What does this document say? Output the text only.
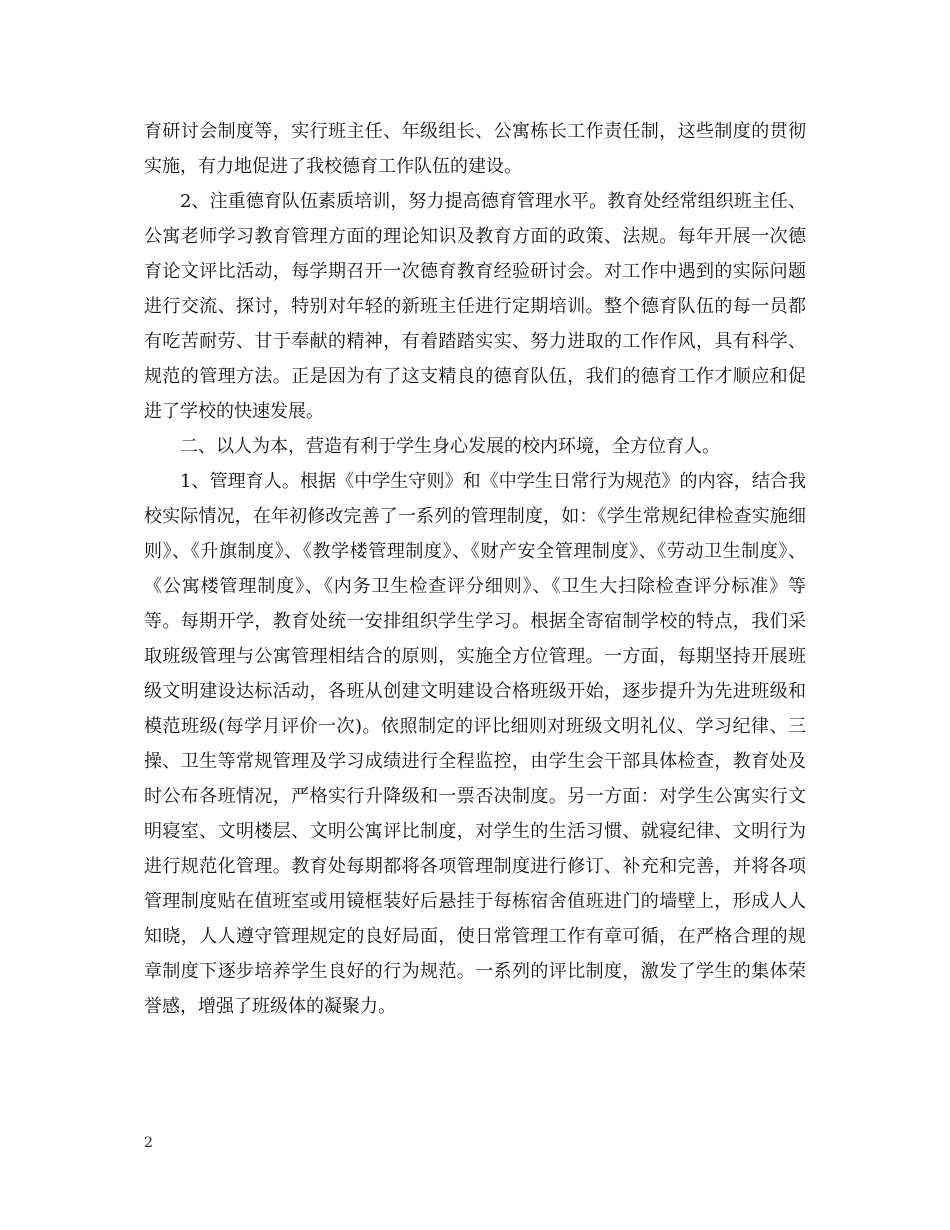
育研讨会制度等，实行班主任、年级组长、公寓栋长工作责任制，这些制度的贯彻实施，有力地促进了我校德育工作队伍的建设。

2、注重德育队伍素质培训，努力提高德育管理水平。教育处经常组织班主任、公寓老师学习教育管理方面的理论知识及教育方面的政策、法规。每年开展一次德育论文评比活动，每学期召开一次德育教育经验研讨会。对工作中遇到的实际问题进行交流、探讨，特别对年轻的新班主任进行定期培训。整个德育队伍的每一员都有吃苦耐劳、甘于奉献的精神，有着踏踏实实、努力进取的工作作风，具有科学、规范的管理方法。正是因为有了这支精良的德育队伍，我们的德育工作才顺应和促进了学校的快速发展。

二、以人为本，营造有利于学生身心发展的校内环境，全方位育人。

1、管理育人。根据《中学生守则》和《中学生日常行为规范》的内容，结合我校实际情况，在年初修改完善了一系列的管理制度，如：《学生常规纪律检查实施细则》、《升旗制度》、《教学楼管理制度》、《财产安全管理制度》、《劳动卫生制度》、《公寓楼管理制度》、《内务卫生检查评分细则》、《卫生大扫除检查评分标准》等等。每期开学，教育处统一安排组织学生学习。根据全寄宿制学校的特点，我们采取班级管理与公寓管理相结合的原则，实施全方位管理。一方面，每期坚持开展班级文明建设达标活动，各班从创建文明建设合格班级开始，逐步提升为先进班级和模范班级(每学月评价一次)。依照制定的评比细则对班级文明礼仪、学习纪律、三操、卫生等常规管理及学习成绩进行全程监控，由学生会干部具体检查，教育处及时公布各班情况，严格实行升降级和一票否决制度。另一方面：对学生公寓实行文明寝室、文明楼层、文明公寓评比制度，对学生的生活习惯、就寝纪律、文明行为进行规范化管理。教育处每期都将各项管理制度进行修订、补充和完善，并将各项管理制度贴在值班室或用镜框装好后悬挂于每栋宿舍值班进门的墙壁上，形成人人知晓，人人遵守管理规定的良好局面，使日常管理工作有章可循，在严格合理的规章制度下逐步培养学生良好的行为规范。一系列的评比制度，激发了学生的集体荣誉感，增强了班级体的凝聚力。

2
